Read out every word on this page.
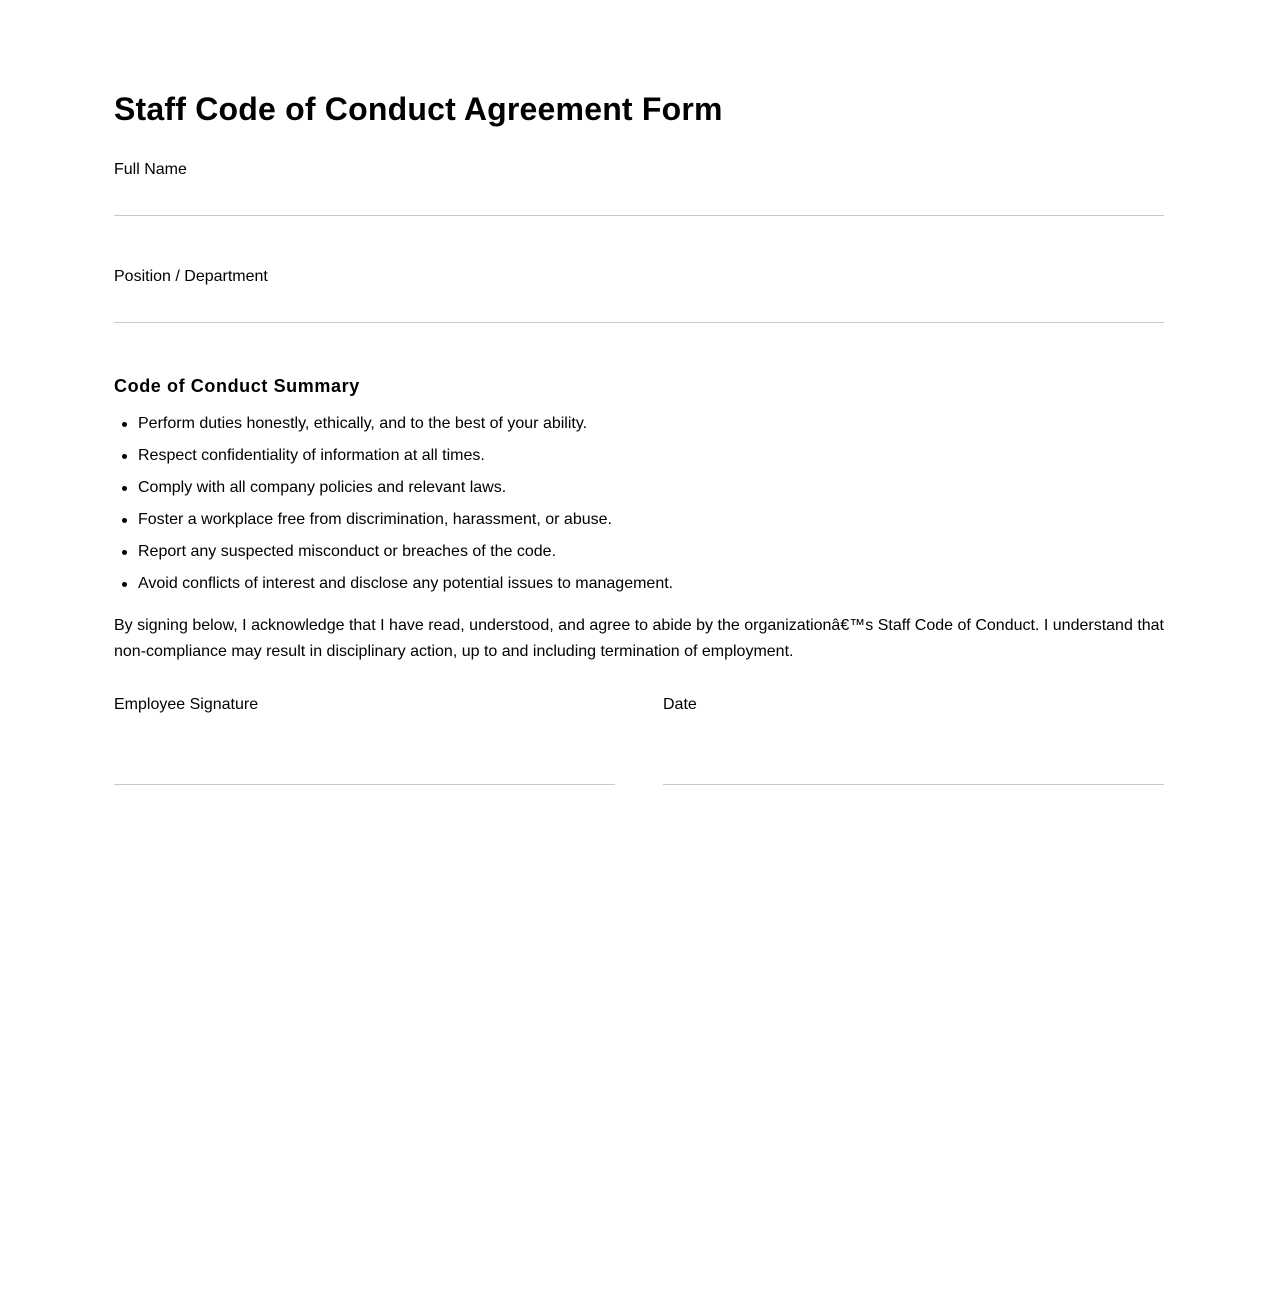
Staff Code of Conduct Agreement Form
Full Name
Position / Department
Code of Conduct Summary
Perform duties honestly, ethically, and to the best of your ability.
Respect confidentiality of information at all times.
Comply with all company policies and relevant laws.
Foster a workplace free from discrimination, harassment, or abuse.
Report any suspected misconduct or breaches of the code.
Avoid conflicts of interest and disclose any potential issues to management.

By signing below, I acknowledge that I have read, understood, and agree to abide by the organizationâ€™s Staff Code of Conduct. I understand that non-compliance may result in disciplinary action, up to and including termination of employment.

Employee Signature	Date
